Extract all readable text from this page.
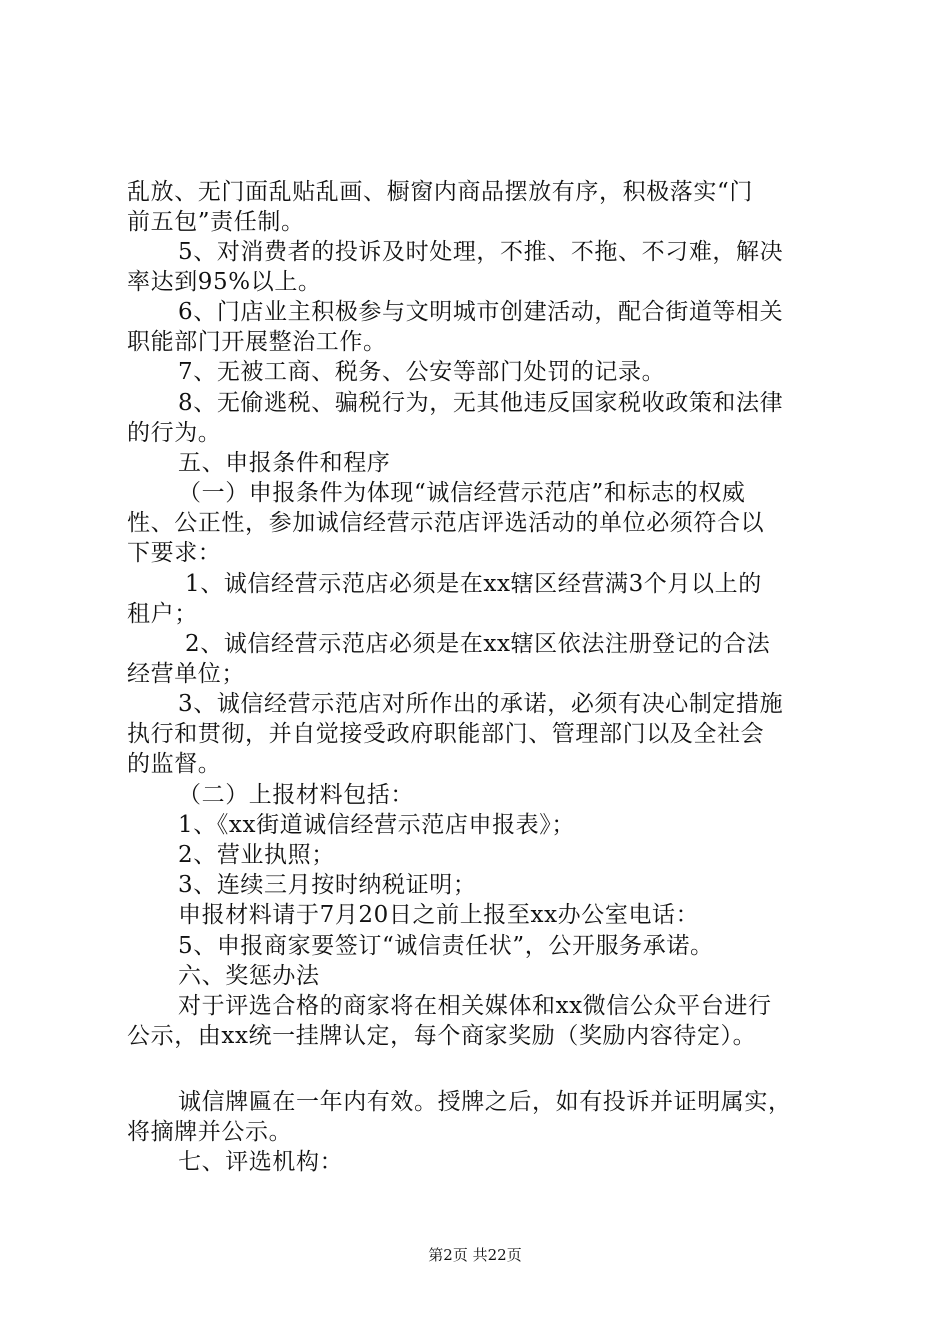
乱放、无门面乱贴乱画、橱窗内商品摆放有序，积极落实“门
前五包”责任制。
5、对消费者的投诉及时处理，不推、不拖、不刁难，解决
率达到95%以上。
6、门店业主积极参与文明城市创建活动，配合街道等相关
职能部门开展整治工作。
7、无被工商、税务、公安等部门处罚的记录。
8、无偷逃税、骗税行为，无其他违反国家税收政策和法律
的行为。
五、申报条件和程序
（一）申报条件为体现“诚信经营示范店”和标志的权威
性、公正性，参加诚信经营示范店评选活动的单位必须符合以
下要求：
1、诚信经营示范店必须是在xx辖区经营满3个月以上的
租户；
2、诚信经营示范店必须是在xx辖区依法注册登记的合法
经营单位；
3、诚信经营示范店对所作出的承诺，必须有决心制定措施
执行和贯彻，并自觉接受政府职能部门、管理部门以及全社会
的监督。
（二）上报材料包括：
1、《xx街道诚信经营示范店申报表》；
2、营业执照；
3、连续三月按时纳税证明；
申报材料请于7月20日之前上报至xx办公室电话：
5、申报商家要签订“诚信责任状”，公开服务承诺。
六、奖惩办法
对于评选合格的商家将在相关媒体和xx微信公众平台进行
公示，由xx统一挂牌认定，每个商家奖励（奖励内容待定）。
诚信牌匾在一年内有效。授牌之后，如有投诉并证明属实，
将摘牌并公示。
七、评选机构：
第2页 共22页
